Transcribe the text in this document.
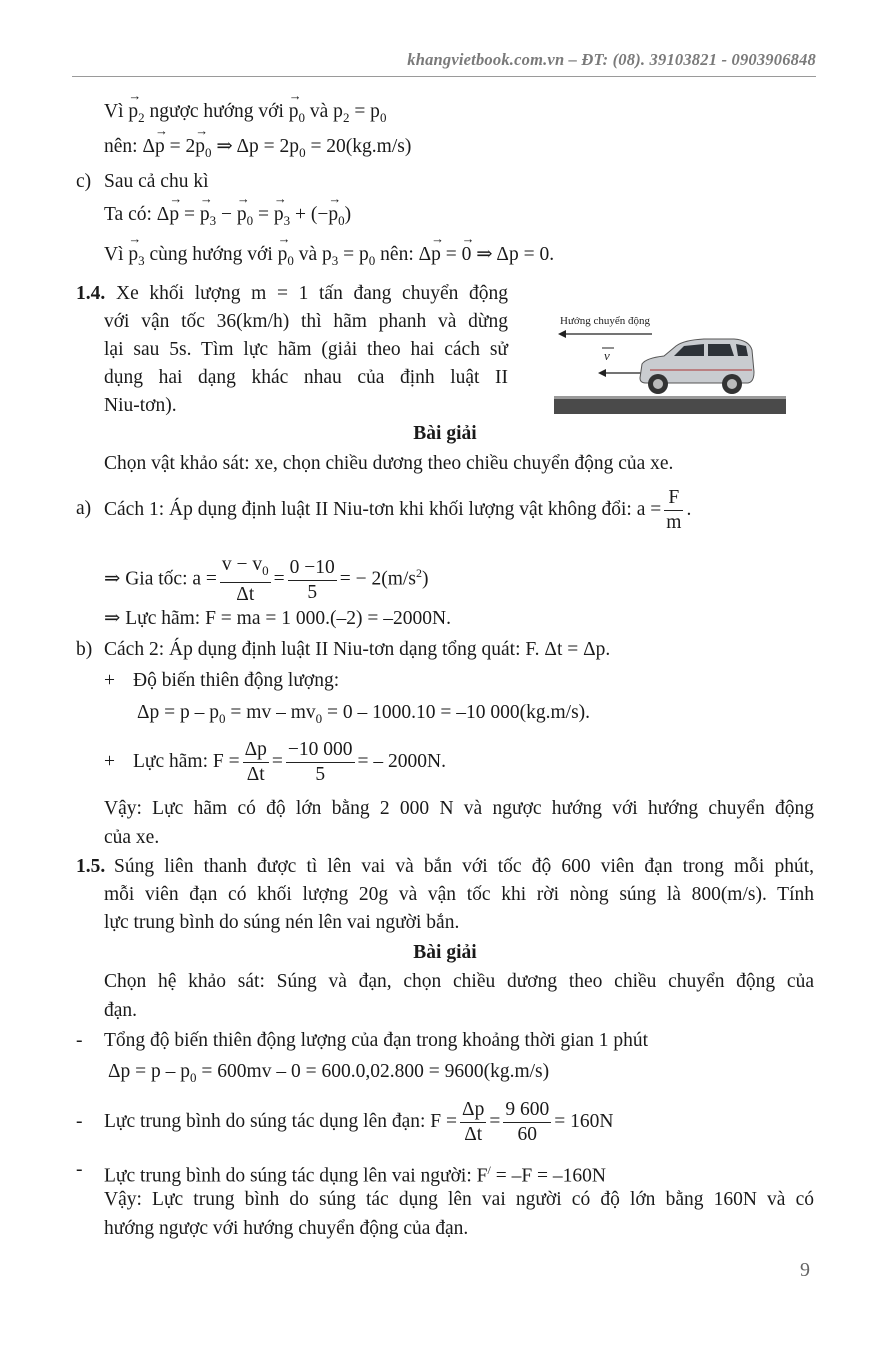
khangvietbook.com.vn – ĐT: (08). 39103821 - 0903906848
Vì → $p_2$ ngược hướng với → $p_0$ và $p_2 = p_0$
nên: $\Delta\to p = 2\to p_0$ ⇒ $\Delta p = 2p_0 = 20(kg.m/s)$
c) Sau cả chu kì
Ta có: Δ→ p = → $p_3$ − → $p_0$ = → $p_3$ + (−→ $p_0$)
Vì → $p_3$ cùng hướng với → $p_0$ và $p_3 = p_0$ nên: Δ→ p = → 0 ⇒ Δp = 0.
1.4. Xe khối lượng m = 1 tấn đang chuyển động
với vận tốc 36(km/h) thì hãm phanh và dừng
lại sau 5s. Tìm lực hãm (giải theo hai cách sử
dụng hai dạng khác nhau của định luật II
Niu-tơn).
Hướng chuyển động
v
Bài giải
Chọn vật khảo sát: xe, chọn chiều dương theo chiều chuyển động của xe.
a) Cách 1: Áp dụng định luật II Niu-tơn khi khối lượng vật không đổi: $a = \frac{F}{m}$ .
⇒ Gia tốc: $a = \frac{v - v_0}{\Delta t} = \frac{0 -10}{5}$ = − $2(m/s^2)$
⇒ Lực hãm: F = ma = 1 000.(–2) = –2000N.
b) Cách 2: Áp dụng định luật II Niu-tơn dạng tổng quát: F. Δt = Δp.
+ Độ biến thiên động lượng:
$\Delta p = p - p_0$ = mv – $mv_0 = 0 - 1000.10 = -10$ 000(kg.m/s).
+ Lực hãm: $F = \frac{\Delta p}{\Delta t} = \frac{-10 000}{5}$ = – 2000N.
Vậy: Lực hãm có độ lớn bằng 2 000 N và ngược hướng với hướng chuyển động
của xe.
1.5. Súng liên thanh được tì lên vai và bắn với tốc độ 600 viên đạn trong mỗi phút,
mỗi viên đạn có khối lượng 20g và vận tốc khi rời nòng súng là 800(m/s). Tính
lực trung bình do súng nén lên vai người bắn.
Bài giải
Chọn hệ khảo sát: Súng và đạn, chọn chiều dương theo chiều chuyển động của
đạn.
- Tổng độ biến thiên động lượng của đạn trong khoảng thời gian 1 phút
$\Delta p = p - p_0 = 600mv - 0 = 600.0,02.800 = 9600(kg.m/s)$
- Lực trung bình do súng tác dụng lên đạn: $F = \frac{\Delta p}{\Delta t} = \frac{9 600}{60} = 160N$
- Lực trung bình do súng tác dụng lên vai người: F/ = –F = –160N
Vậy: Lực trung bình do súng tác dụng lên vai người có độ lớn bằng 160N và có
hướng ngược với hướng chuyển động của đạn.
9
